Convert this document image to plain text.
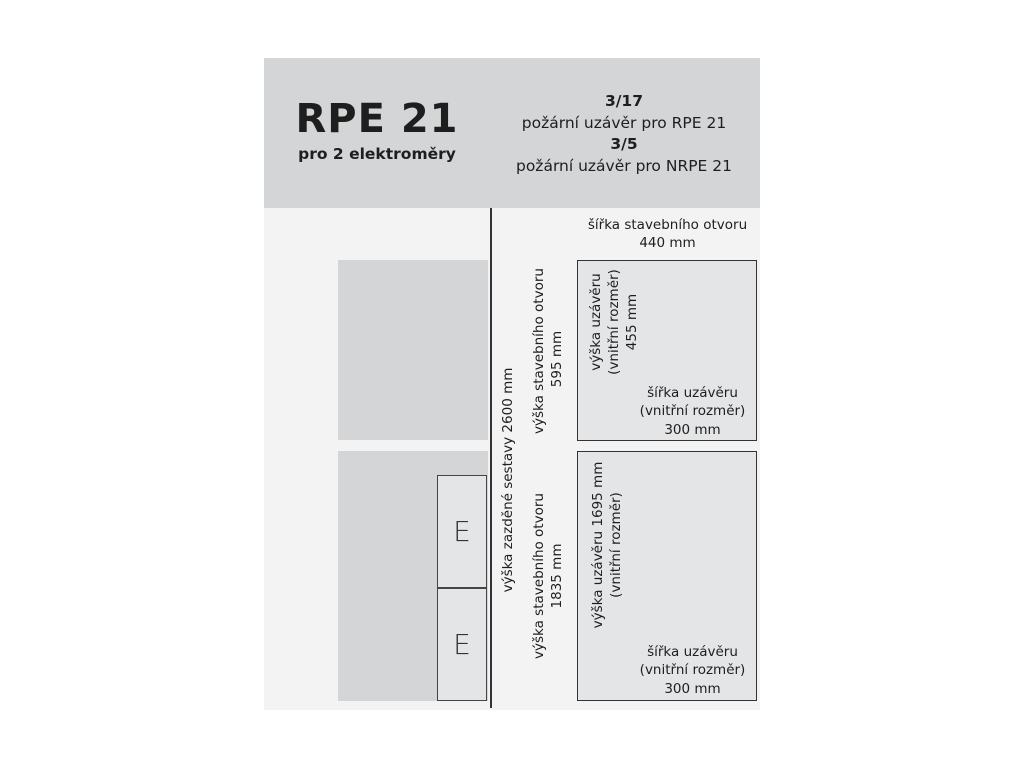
RPE 21
pro 2 elektroměry
3/17
požární uzávěr pro RPE 21
3/5
požární uzávěr pro NRPE 21
E
E
šířka stavebního otvoru
440 mm
výška zazděné sestavy 2600 mm
výška stavebního otvoru 595 mm výška uzávěru (vnitřní rozměr) 455 mm
šířka uzávěru
(vnitřní rozměr)
300 mm
výška stavebního otvoru 1835 mm výška uzávěru 1695 mm (vnitřní rozměr)
šířka uzávěru
(vnitřní rozměr)
300 mm
